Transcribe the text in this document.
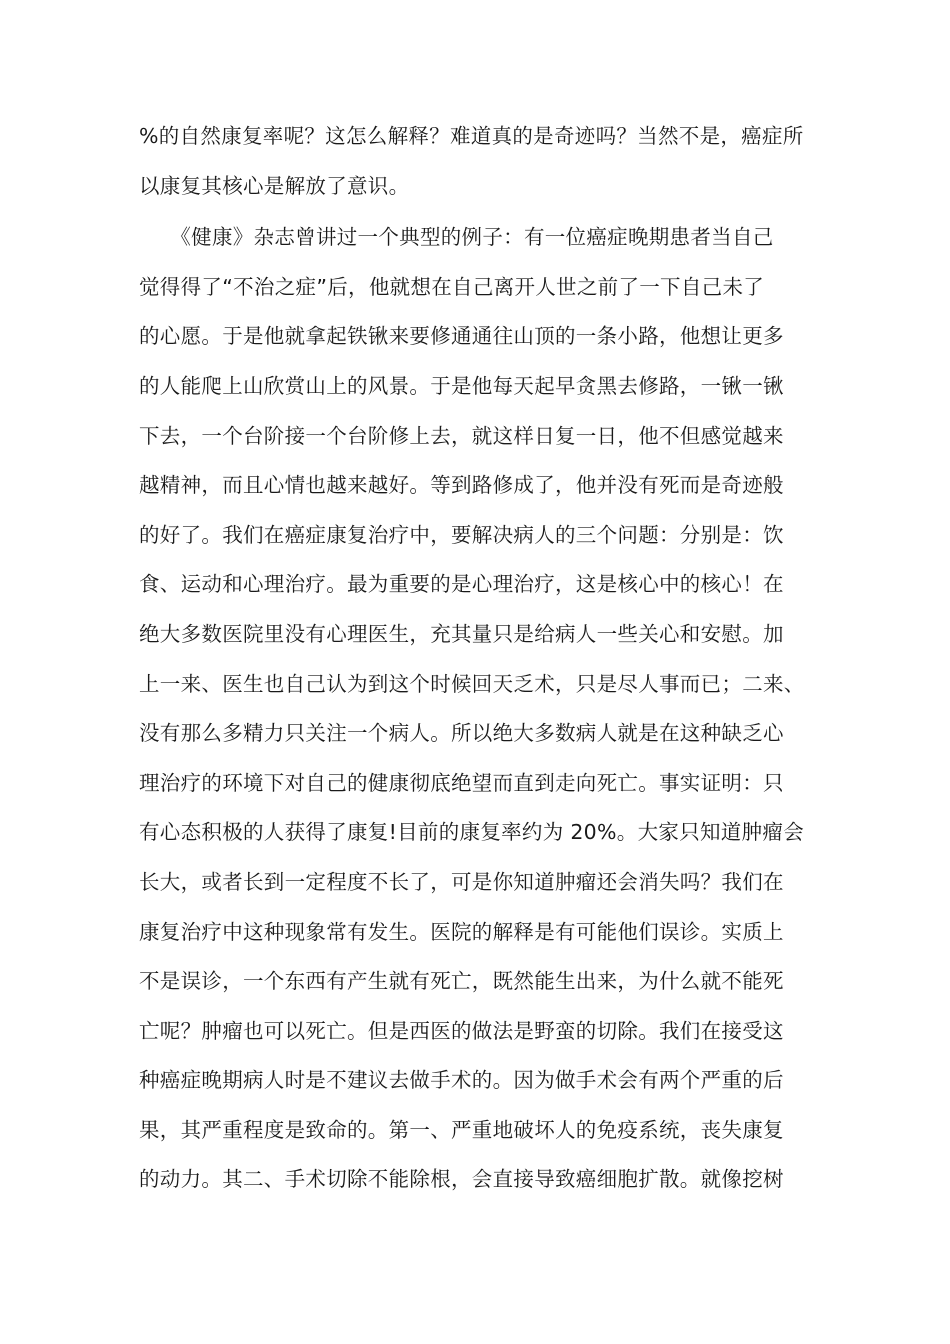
%的自然康复率呢？这怎么解释？难道真的是奇迹吗？当然不是，癌症所
以康复其核心是解放了意识。
　　《健康》杂志曾讲过一个典型的例子：有一位癌症晚期患者当自己
觉得得了“不治之症”后，他就想在自己离开人世之前了一下自己未了
的心愿。于是他就拿起铁锹来要修通通往山顶的一条小路，他想让更多
的人能爬上山欣赏山上的风景。于是他每天起早贪黑去修路，一锹一锹
下去，一个台阶接一个台阶修上去，就这样日复一日，他不但感觉越来
越精神，而且心情也越来越好。等到路修成了，他并没有死而是奇迹般
的好了。我们在癌症康复治疗中，要解决病人的三个问题：分别是：饮
食、运动和心理治疗。最为重要的是心理治疗，这是核心中的核心！在
绝大多数医院里没有心理医生，充其量只是给病人一些关心和安慰。加
上一来、医生也自己认为到这个时候回天乏术，只是尽人事而已；二来、
没有那么多精力只关注一个病人。所以绝大多数病人就是在这种缺乏心
理治疗的环境下对自己的健康彻底绝望而直到走向死亡。事实证明：只
有心态积极的人获得了康复!目前的康复率约为 20%。大家只知道肿瘤会
长大，或者长到一定程度不长了，可是你知道肿瘤还会消失吗？我们在
康复治疗中这种现象常有发生。医院的解释是有可能他们误诊。实质上
不是误诊，一个东西有产生就有死亡，既然能生出来，为什么就不能死
亡呢？肿瘤也可以死亡。但是西医的做法是野蛮的切除。我们在接受这
种癌症晚期病人时是不建议去做手术的。因为做手术会有两个严重的后
果，其严重程度是致命的。第一、严重地破坏人的免疫系统，丧失康复
的动力。其二、手术切除不能除根，会直接导致癌细胞扩散。就像挖树
